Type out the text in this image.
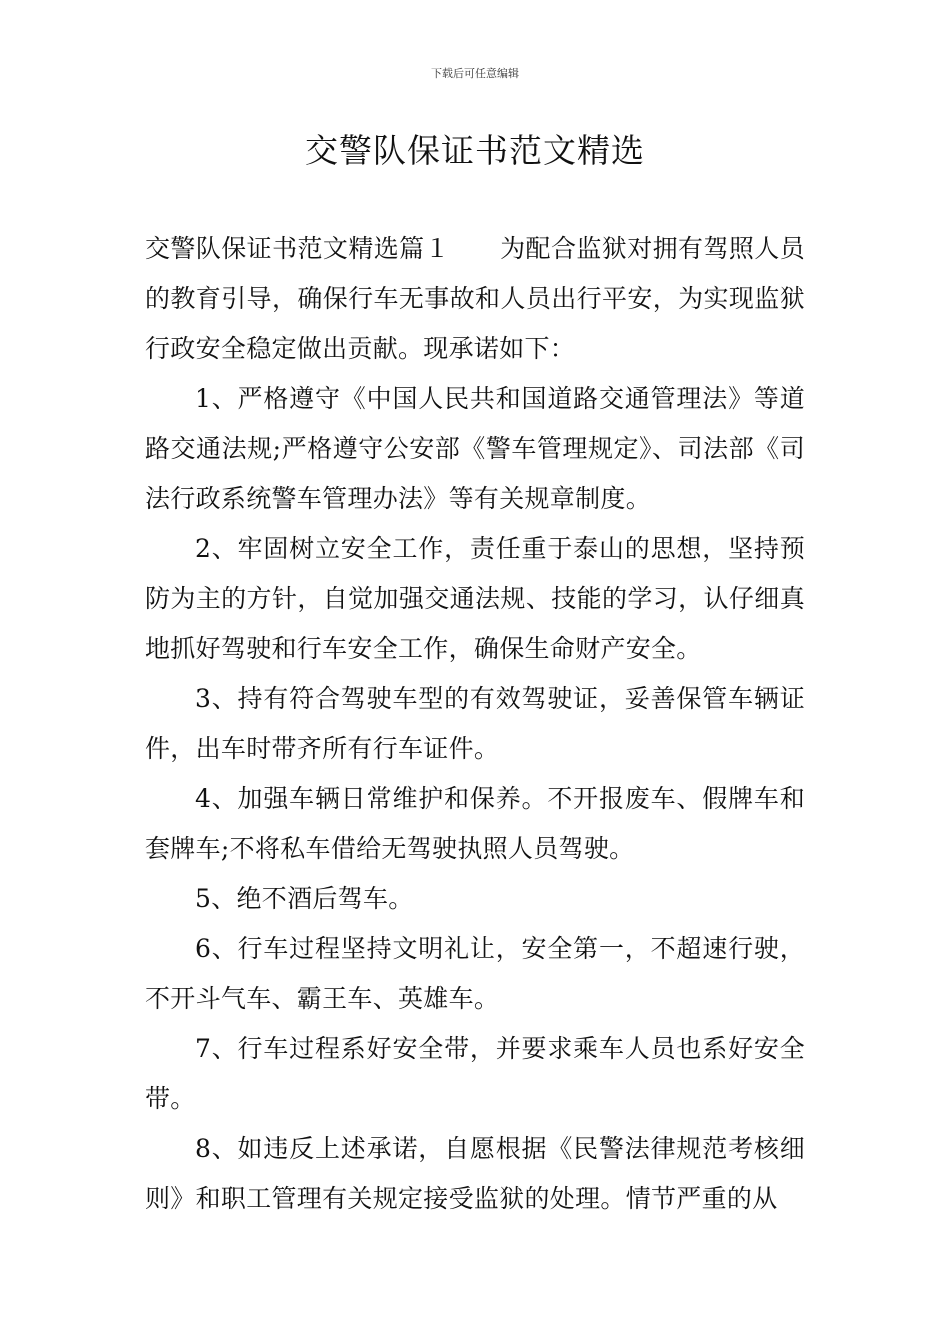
下载后可任意编辑
交警队保证书范文精选

交警队保证书范文精选篇１ 为配合监狱对拥有驾照人员的教育引导，确保行车无事故和人员出行平安，为实现监狱行政安全稳定做出贡献。现承诺如下：

1、严格遵守《中国人民共和国道路交通管理法》等道路交通法规;严格遵守公安部《警车管理规定》、司法部《司法行政系统警车管理办法》等有关规章制度。

2、牢固树立安全工作，责任重于泰山的思想，坚持预防为主的方针，自觉加强交通法规、技能的学习，认仔细真地抓好驾驶和行车安全工作，确保生命财产安全。

3、持有符合驾驶车型的有效驾驶证，妥善保管车辆证件，出车时带齐所有行车证件。

4、加强车辆日常维护和保养。不开报废车、假牌车和套牌车;不将私车借给无驾驶执照人员驾驶。

5、绝不酒后驾车。

6、行车过程坚持文明礼让，安全第一，不超速行驶，不开斗气车、霸王车、英雄车。

7、行车过程系好安全带，并要求乘车人员也系好安全带。

8、如违反上述承诺，自愿根据《民警法律规范考核细则》和职工管理有关规定接受监狱的处理。情节严重的从
